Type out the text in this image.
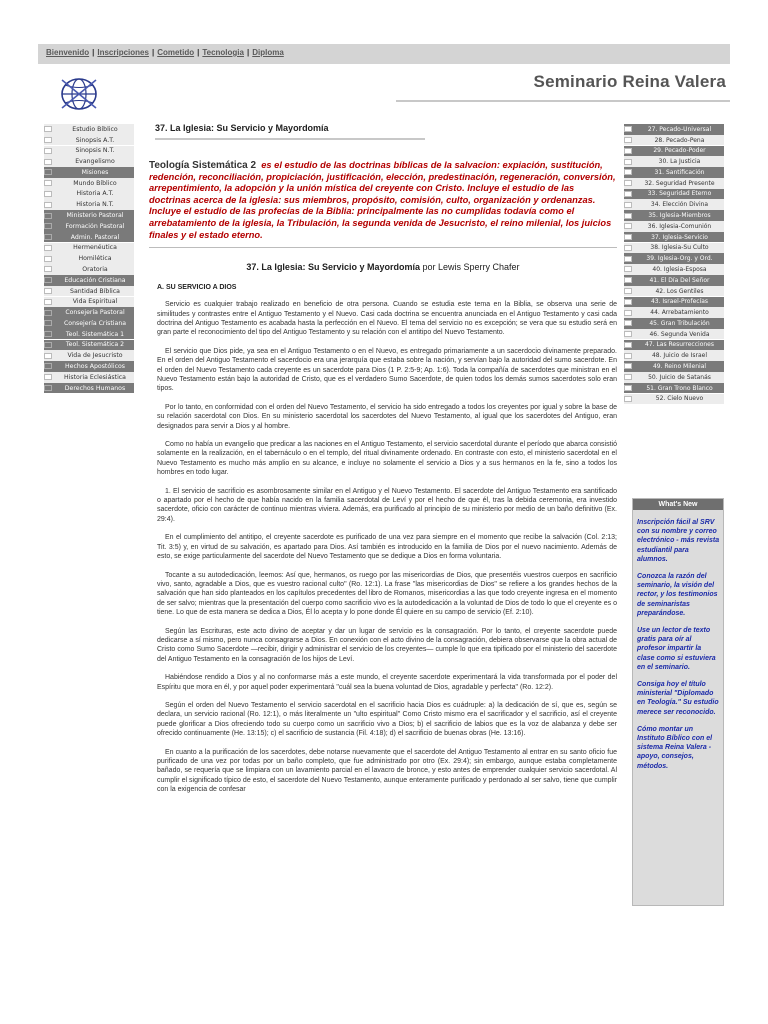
Bienvenido | Inscripciones | Cometido | Tecnologia | Diploma
Seminario Reina Valera
Estudio Bíblico
Sinopsis A.T.
Sinopsis N.T.
Evangelismo
Misiones
Mundo Bíblico
Historia A.T.
Historia N.T.
Ministerio Pastoral
Formación Pastoral
Admin. Pastoral
Hermenéutica
Homilética
Oratoria
Educación Cristiana
Santidad Bíblica
Vida Espiritual
Consejería Pastoral
Consejería Cristiana
Teol. Sistemática 1
Teol. Sistemática 2
Vida de Jesucristo
Hechos Apostólicos
Historia Eclesiástica
Derechos Humanos
37. La Iglesia: Su Servicio y Mayordomía
Teología Sistemática 2 es el estudio de las doctrinas bíblicas de la salvacion: expiación, sustitución, redención, reconciliación, propiciación, justificación, elección, predestinación, regeneración, conversión, arrepentimiento, la adopción y la unión mística del creyente con Cristo. Incluye el estudio de las doctrinas acerca de la iglesia: sus miembros, propósito, comisión, culto, organización y ordenanzas. Incluye el estudio de las profecías de la Biblia: principalmente las no cumplidas todavía como el arrebatamiento de la iglesia, la Tribulación, la segunda venida de Jesucristo, el reino milenial, los juicios finales y el estado eterno.
37. La Iglesia: Su Servicio y Mayordomía por Lewis Sperry Chafer
A. SU SERVICIO A DIOS

Servicio es cualquier trabajo realizado en beneficio de otra persona. Cuando se estudia este tema en la Biblia, se observa una serie de similitudes y contrastes entre el Antiguo Testamento y el Nuevo. Casi cada doctrina se encuentra anunciada en el Antiguo Testamento y casi cada doctrina del Antiguo Testamento es acabada hasta la perfección en el Nuevo. El tema del servicio no es excepción; se vera que su estudio será en gran parte el reconocimiento del tipo del Antiguo Testamento y su relación con el antitipo del Nuevo Testamento.

El servicio que Dios pide, ya sea en el Antiguo Testamento o en el Nuevo, es entregado primariamente a un sacerdocio divinamente preparado. En el orden del Antiguo Testamento el sacerdocio era una jerarquía que estaba sobre la nación, y servían bajo la autoridad del sumo sacerdote. En el orden del Nuevo Testamento cada creyente es un sacerdote para Dios (1 P. 2:5-9; Ap. 1:6). Toda la compañía de sacerdotes que ministran en el Nuevo Testamento están bajo la autoridad de Cristo, que es el verdadero Sumo Sacerdote, de quien todos los demás sumos sacerdotes solo eran tipos.

Por lo tanto, en conformidad con el orden del Nuevo Testamento, el servicio ha sido entregado a todos los creyentes por igual y sobre la base de su relación sacerdotal con Dios. En su ministerio sacerdotal los sacerdotes del Nuevo Testamento, al igual que los sacerdotes del Antiguo, eran designados para servir a Dios y al hombre.

Como no había un evangelio que predicar a las naciones en el Antiguo Testamento, el servicio sacerdotal durante el período que abarca consistió solamente en la realización, en el tabernáculo o en el templo, del ritual divinamente ordenado. En contraste con esto, el ministerio sacerdotal en el Nuevo Testamento es mucho más amplio en su alcance, e incluye no solamente el servicio a Dios y a sus hermanos en la fe, sino a todos los hombres en todo lugar.

1. El servicio de sacrificio es asombrosamente similar en el Antiguo y el Nuevo Testamento. El sacerdote del Antiguo Testamento era santificado o apartado por el hecho de que había nacido en la familia sacerdotal de Leví y por el hecho de que él, tras la debida ceremonia, era investido sacerdote, oficio con carácter de continuo mientras viviera. Además, era purificado al principio de su ministerio por medio de un baño definitivo (Ex. 29:4).

En el cumplimiento del antitipo, el creyente sacerdote es purificado de una vez para siempre en el momento que recibe la salvación (Col. 2:13; Tit. 3:5) y, en virtud de su salvación, es apartado para Dios. Así también es introducido en la familia de Dios por el nuevo nacimiento. Además de esto, se exige particularmente del sacerdote del Nuevo Testamento que se dedique a Dios en forma voluntaria.

Tocante a su autodedicación, leemos: Así que, hermanos, os ruego por las misericordias de Dios, que presentéis vuestros cuerpos en sacrificio vivo, santo, agradable a Dios, que es vuestro racional culto" (Ro. 12:1). La frase "las misericordias de Dios" se refiere a los grandes hechos de la salvación que han sido planteados en los capítulos precedentes del libro de Romanos, misericordias a las que todo creyente ingresa en el momento de ser salvo; mientras que la presentación del cuerpo como sacrificio vivo es la autodedicación a la voluntad de Dios de todo lo que el creyente es o tiene. Lo que de esta manera se dedica a Dios, Él lo acepta y lo pone donde Él quiere en su campo de servicio (Ef. 2:10).

Según las Escrituras, este acto divino de aceptar y dar un lugar de servicio es la consagración. Por lo tanto, el creyente sacerdote puede dedicarse a sí mismo, pero nunca consagrarse a Dios. En conexión con el acto divino de la consagración, debiera observarse que la obra actual de Cristo como Sumo Sacerdote —recibir, dirigir y administrar el servicio de los creyentes— cumple lo que era tipificado por el ministerio del sacerdote del Antiguo Testamento en la consagración de los hijos de Leví.

Habiéndose rendido a Dios y al no conformarse más a este mundo, el creyente sacerdote experimentará la vida transformada por el poder del Espíritu que mora en él, y por aquel poder experimentará "cuál sea la buena voluntad de Dios, agradable y perfecta" (Ro. 12:2).

Según el orden del Nuevo Testamento el servicio sacerdotal en el sacrificio hacia Dios es cuádruple: a) la dedicación de sí, que es, según se declara, un servicio racional (Ro. 12:1), o más literalmente un "ulto espiritual" Como Cristo mismo era el sacrificador y el sacrificio, así el creyente puede glorificar a Dios ofreciendo todo su cuerpo como un sacrificio vivo a Dios; b) el sacrificio de labios que es la voz de alabanza y debe ser ofrecido continuamente (He. 13:15); c) el sacrificio de sustancia (Fil. 4:18); d) el sacrificio de buenas obras (He. 13:16).

En cuanto a la purificación de los sacerdotes, debe notarse nuevamente que el sacerdote del Antiguo Testamento al entrar en su santo oficio fue purificado de una vez por todas por un baño completo, que fue administrado por otro (Ex. 29:4); sin embargo, aunque estaba completamente bañado, se requería que se limpiara con un lavamiento parcial en el lavacro de bronce, y esto antes de emprender cualquier servicio sacerdotal. Al cumplir el significado típico de esto, el sacerdote del Nuevo Testamento, aunque enteramente purificado y perdonado al ser salvo, tiene que cumplir con la exigencia de confesar

27. Pecado-Universal
28. Pecado-Pena
29. Pecado-Poder
30. La Justicia
31. Santificación
32. Seguridad Presente
33. Seguridad Eterno
34. Elección Divina
35. Iglesia-Miembros
36. Iglesia-Comunión
37. Iglesia-Servicio
38. Iglesia-Su Culto
39. Iglesia-Org. y Ord.
40. Iglesia-Esposa
41. El Día Del Señor
42. Los Gentiles
43. Israel-Profecías
44. Arrebatamiento
45. Gran Tribulación
46. Segunda Venida
47. Las Resurrecciones
48. Juicio de Israel
49. Reino Milenial
50. Juicio de Satanás
51. Gran Trono Blanco
52. Cielo Nuevo
What's New
Inscripción fácil al SRV con su nombre y correo electrónico - más revista estudiantil para alumnos.
Conozca la razón del seminario, la visión del rector, y los testimonios de seminaristas preparándose.
Use un lector de texto gratis para oír al profesor impartir la clase como si estuviera en el seminario.
Consiga hoy el título ministerial "Diplomado en Teología." Su estudio merece ser reconocido.
Cómo montar un Instituto Bíblico con el sistema Reina Valera - apoyo, consejos, métodos.
